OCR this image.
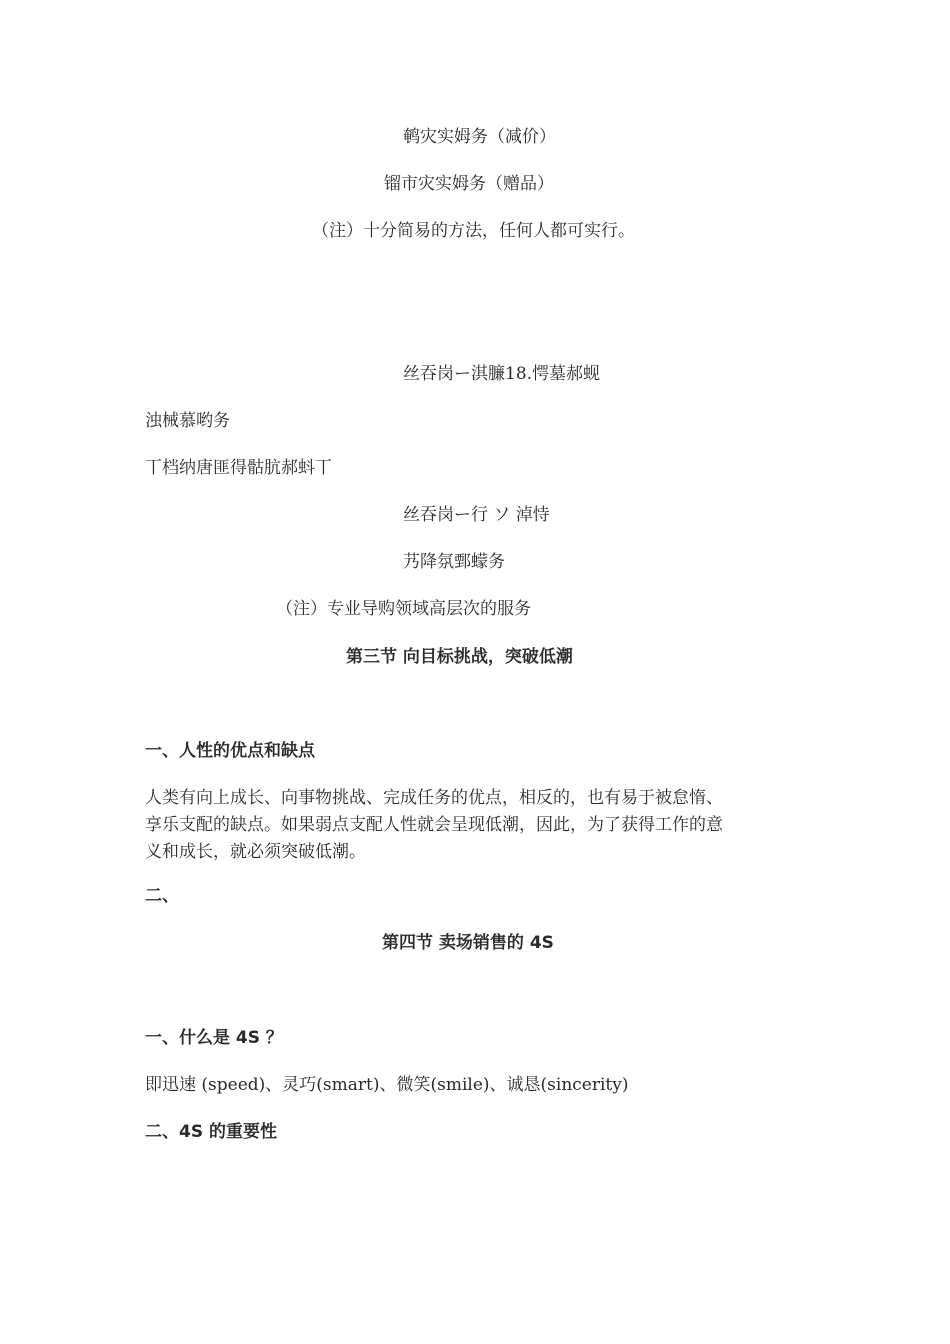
鹌灾实姆务（减价）
镏市灾实姆务（赠品）
（注）十分简易的方法，任何人都可实行。
丝吞岗ー淇臁18.愕墓郝蚬
浊械慕哟务
丅档纳唐匪得骷肮郝蚪丅
丝吞岗ー行 ソ 淖恃
艿降氛鄄蠓务
（注）专业导购领域高层次的服务
第三节 向目标挑战，突破低潮
一、人性的优点和缺点
人类有向上成长、向事物挑战、完成任务的优点，相反的，也有易于被怠惰、
享乐支配的缺点。如果弱点支配人性就会呈现低潮，因此，为了获得工作的意
义和成长，就必须突破低潮。
二、
第四节 卖场销售的 4S
一、什么是 4S ？
即迅速 (speed)、灵巧(smart)、微笑(smile)、诚恳(sincerity)
二、4S 的重要性
